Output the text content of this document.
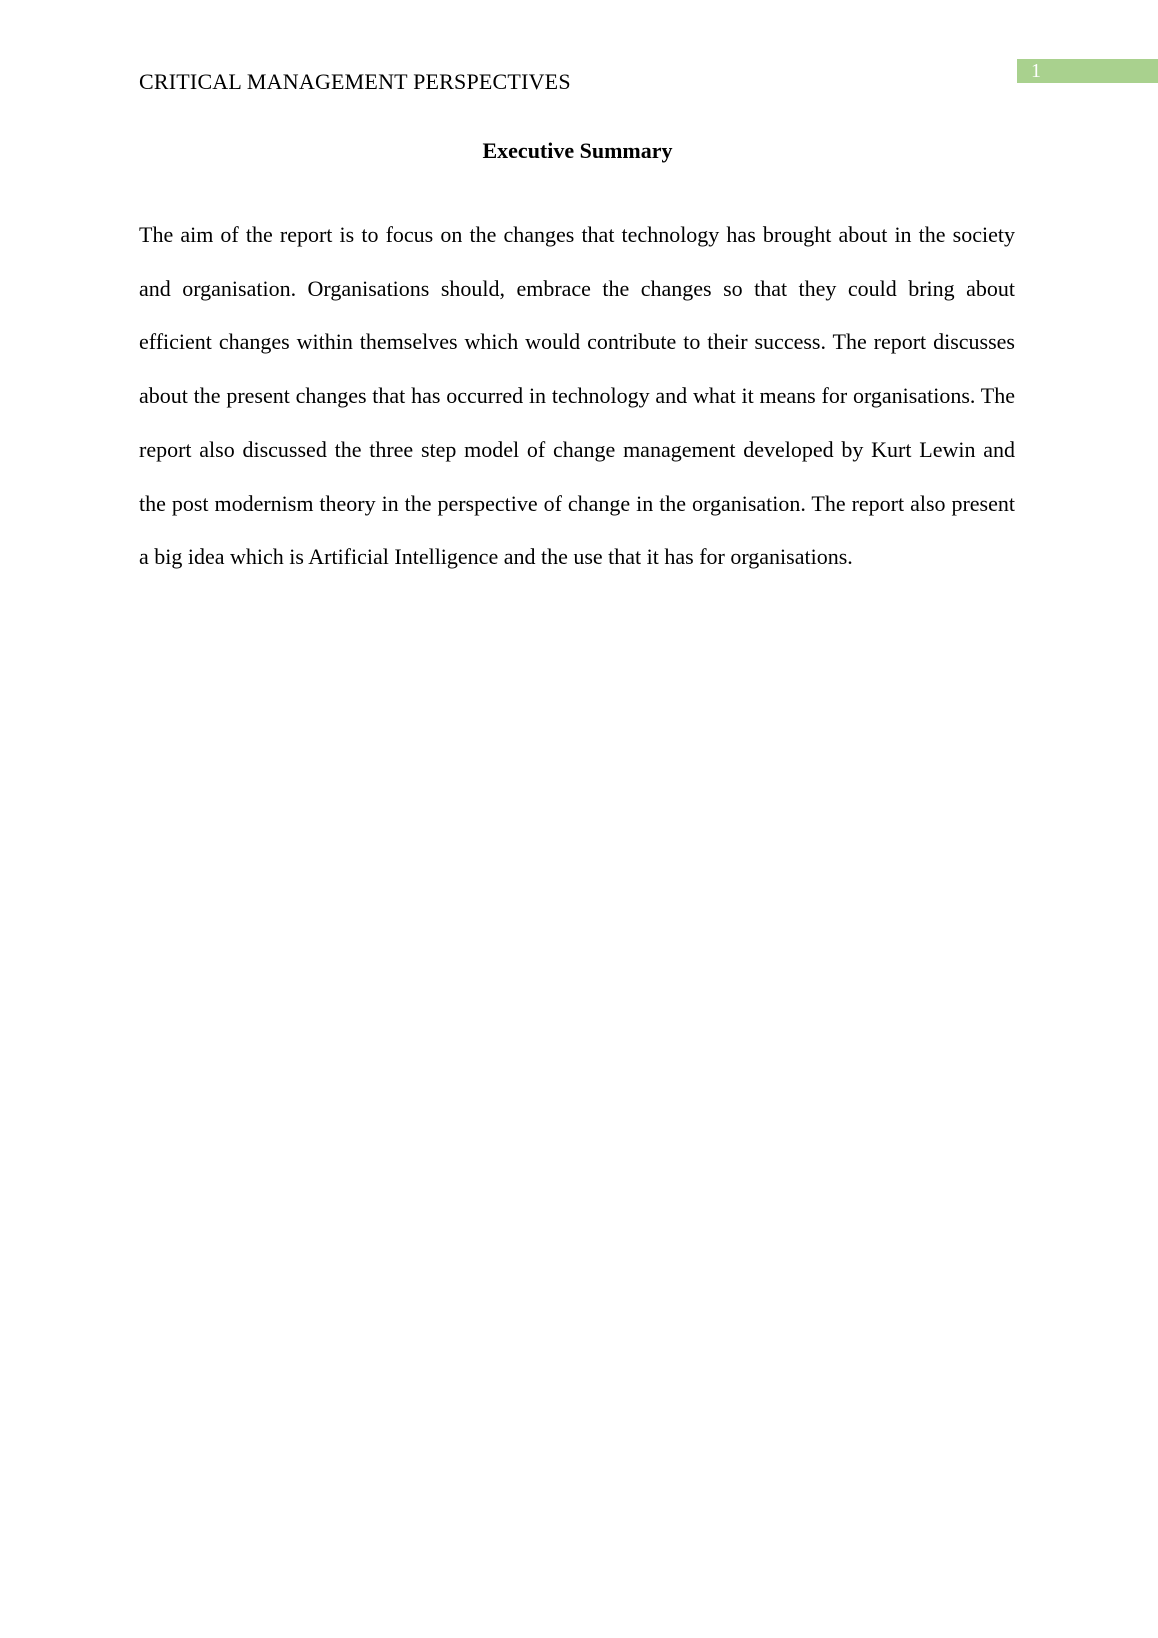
CRITICAL MANAGEMENT PERSPECTIVES	1
Executive Summary

The aim of the report is to focus on the changes that technology has brought about in the society and organisation. Organisations should, embrace the changes so that they could bring about efficient changes within themselves which would contribute to their success. The report discusses about the present changes that has occurred in technology and what it means for organisations. The report also discussed the three step model of change management developed by Kurt Lewin and the post modernism theory in the perspective of change in the organisation. The report also present a big idea which is Artificial Intelligence and the use that it has for organisations.
